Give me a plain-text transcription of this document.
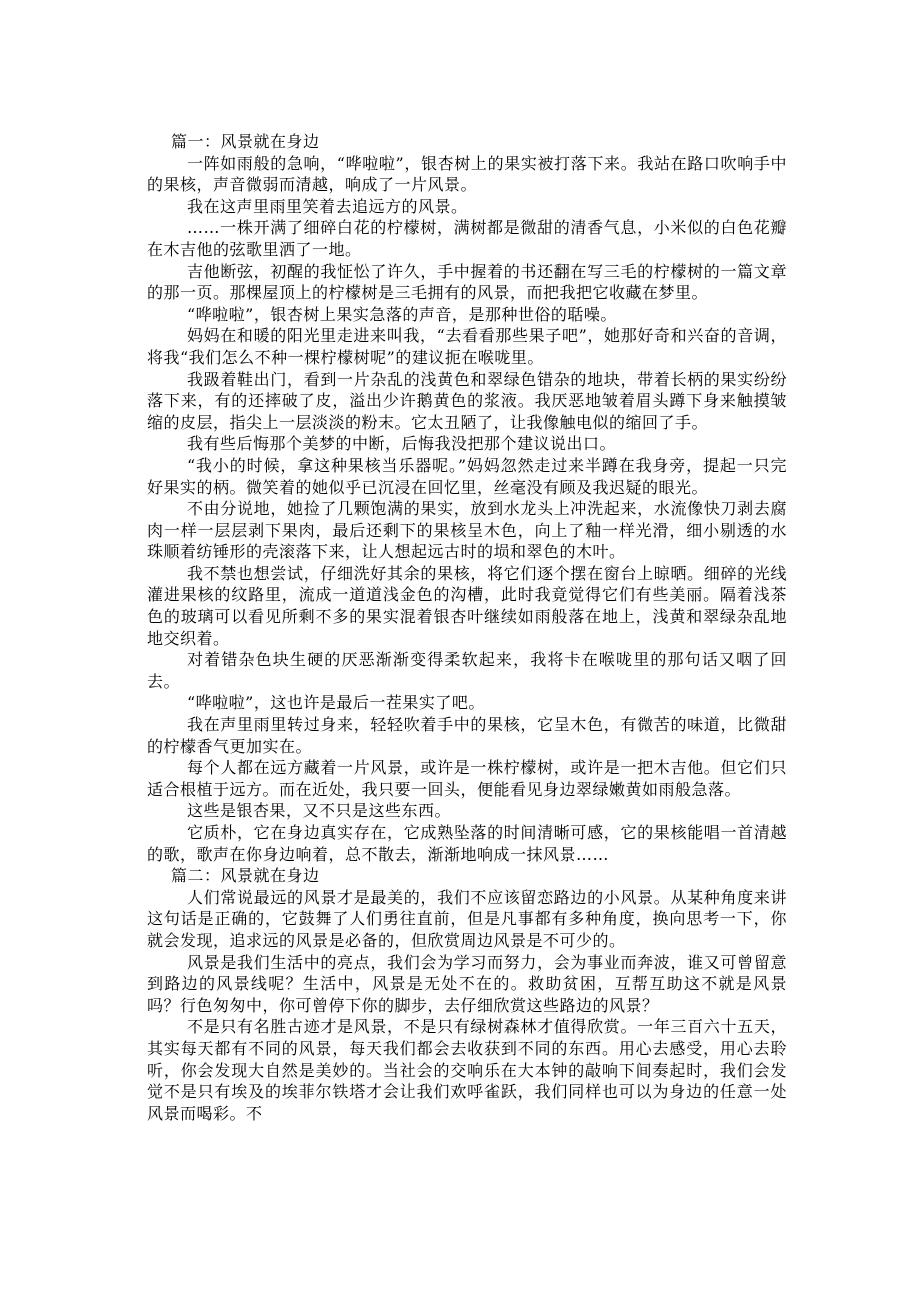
篇一：风景就在身边

一阵如雨般的急响，“哗啦啦”，银杏树上的果实被打落下来。我站在路口吹响手中的果核，声音微弱而清越，响成了一片风景。

我在这声里雨里笑着去追远方的风景。

……一株开满了细碎白花的柠檬树，满树都是微甜的清香气息，小米似的白色花瓣在木吉他的弦歌里洒了一地。

吉他断弦，初醒的我怔忪了许久，手中握着的书还翻在写三毛的柠檬树的一篇文章的那一页。那棵屋顶上的柠檬树是三毛拥有的风景，而把我把它收藏在梦里。

“哗啦啦”，银杏树上果实急落的声音，是那种世俗的聒噪。

妈妈在和暖的阳光里走进来叫我，“去看看那些果子吧”，她那好奇和兴奋的音调，将我“我们怎么不种一棵柠檬树呢”的建议扼在喉咙里。

我趿着鞋出门，看到一片杂乱的浅黄色和翠绿色错杂的地块，带着长柄的果实纷纷落下来，有的还摔破了皮，溢出少许鹅黄色的浆液。我厌恶地皱着眉头蹲下身来触摸皱缩的皮层，指尖上一层淡淡的粉末。它太丑陋了，让我像触电似的缩回了手。

我有些后悔那个美梦的中断，后悔我没把那个建议说出口。

“我小的时候，拿这种果核当乐器呢。”妈妈忽然走过来半蹲在我身旁，提起一只完好果实的柄。微笑着的她似乎已沉浸在回忆里，丝毫没有顾及我迟疑的眼光。

不由分说地，她捡了几颗饱满的果实，放到水龙头上冲洗起来，水流像快刀剥去腐肉一样一层层剥下果肉，最后还剩下的果核呈木色，向上了釉一样光滑，细小剔透的水珠顺着纺锤形的壳滚落下来，让人想起远古时的埙和翠色的木叶。

我不禁也想尝试，仔细洗好其余的果核，将它们逐个摆在窗台上晾晒。细碎的光线灌进果核的纹路里，流成一道道浅金色的沟槽，此时我竟觉得它们有些美丽。隔着浅茶色的玻璃可以看见所剩不多的果实混着银杏叶继续如雨般落在地上，浅黄和翠绿杂乱地地交织着。

对着错杂色块生硬的厌恶渐渐变得柔软起来，我将卡在喉咙里的那句话又咽了回去。

“哗啦啦”，这也许是最后一茬果实了吧。

我在声里雨里转过身来，轻轻吹着手中的果核，它呈木色，有微苦的味道，比微甜的柠檬香气更加实在。

每个人都在远方藏着一片风景，或许是一株柠檬树，或许是一把木吉他。但它们只适合根植于远方。而在近处，我只要一回头，便能看见身边翠绿嫩黄如雨般急落。

这些是银杏果，又不只是这些东西。

它质朴，它在身边真实存在，它成熟坠落的时间清晰可感，它的果核能唱一首清越的歌，歌声在你身边响着，总不散去，渐渐地响成一抹风景……

篇二：风景就在身边

人们常说最远的风景才是最美的，我们不应该留恋路边的小风景。从某种角度来讲这句话是正确的，它鼓舞了人们勇往直前，但是凡事都有多种角度，换向思考一下，你就会发现，追求远的风景是必备的，但欣赏周边风景是不可少的。

风景是我们生活中的亮点，我们会为学习而努力，会为事业而奔波，谁又可曾留意到路边的风景线呢？生活中，风景是无处不在的。救助贫困，互帮互助这不就是风景吗？行色匆匆中，你可曾停下你的脚步，去仔细欣赏这些路边的风景？

不是只有名胜古迹才是风景，不是只有绿树森林才值得欣赏。一年三百六十五天，其实每天都有不同的风景，每天我们都会去收获到不同的东西。用心去感受，用心去聆听，你会发现大自然是美妙的。当社会的交响乐在大本钟的敲响下间奏起时，我们会发觉不是只有埃及的埃菲尔铁塔才会让我们欢呼雀跃，我们同样也可以为身边的任意一处风景而喝彩。不
